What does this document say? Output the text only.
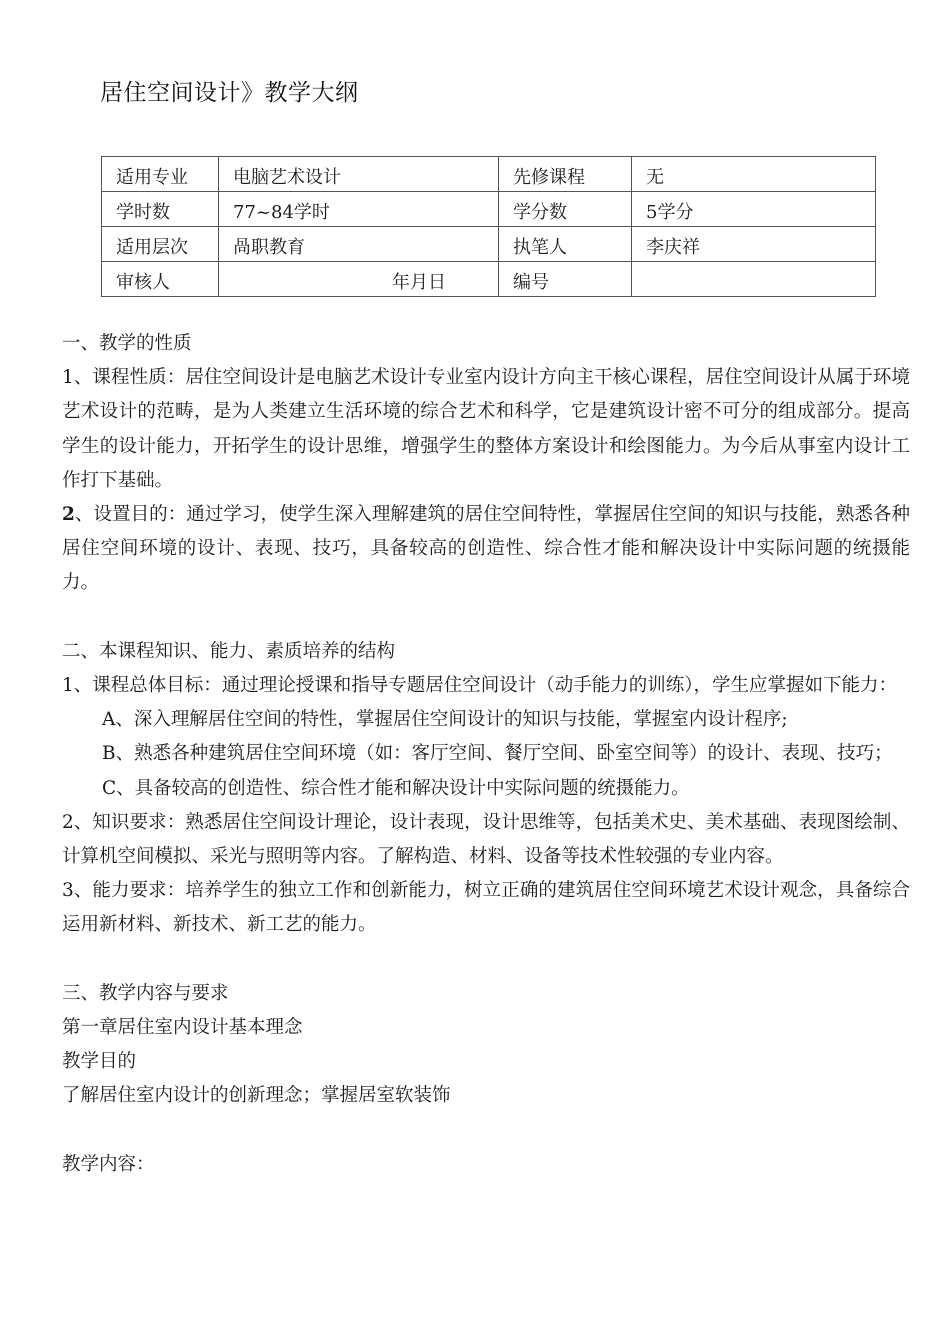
居住空间设计》教学大纲
适用专业	电脑艺术设计	先修课程	无
学时数	77~84学时	学分数	5学分
适用层次	咼职教育	执笔人	李庆祥
审核人	年月日	编号	

一、教学的性质

1、课程性质：居住空间设计是电脑艺术设计专业室内设计方向主干核心课程，居住空间设计从属于环境艺术设计的范畴，是为人类建立生活环境的综合艺术和科学，它是建筑设计密不可分的组成部分。提高学生的设计能力，开拓学生的设计思维，增强学生的整体方案设计和绘图能力。为今后从事室内设计工作打下基础。

2、设置目的：通过学习，使学生深入理解建筑的居住空间特性，掌握居住空间的知识与技能，熟悉各种居住空间环境的设计、表现、技巧，具备较高的创造性、综合性才能和解决设计中实际问题的统摄能力。

二、本课程知识、能力、素质培养的结构

1、课程总体目标：通过理论授课和指导专题居住空间设计（动手能力的训练），学生应掌握如下能力：

A、深入理解居住空间的特性，掌握居住空间设计的知识与技能，掌握室内设计程序;

B、熟悉各种建筑居住空间环境（如：客厅空间、餐厅空间、卧室空间等）的设计、表现、技巧；

C、具备较高的创造性、综合性才能和解决设计中实际问题的统摄能力。

2、知识要求：熟悉居住空间设计理论，设计表现，设计思维等，包括美术史、美术基础、表现图绘制、计算机空间模拟、采光与照明等内容。了解构造、材料、设备等技术性较强的专业内容。

3、能力要求：培养学生的独立工作和创新能力，树立正确的建筑居住空间环境艺术设计观念，具备综合运用新材料、新技术、新工艺的能力。

三、教学内容与要求

第一章居住室内设计基本理念

教学目的

了解居住室内设计的创新理念；掌握居室软装饰

教学内容：
